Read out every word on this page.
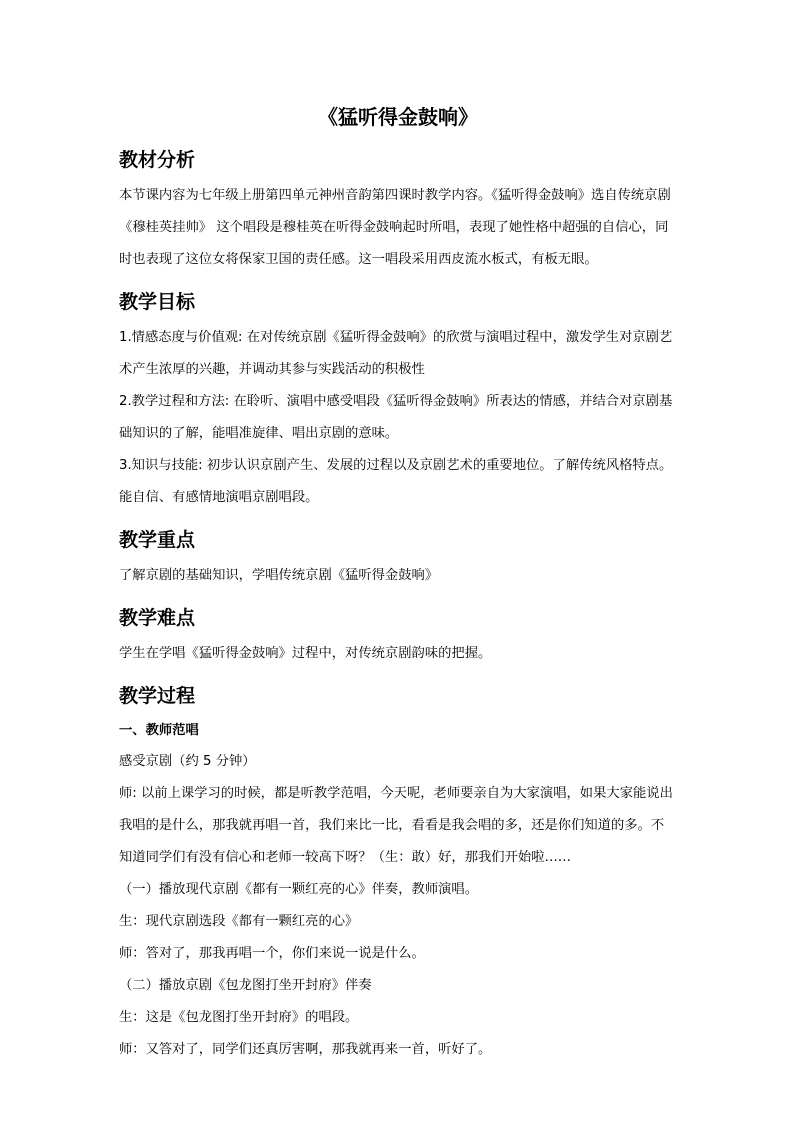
《猛听得金鼓响》
教材分析

本节课内容为七年级上册第四单元神州音韵第四课时教学内容。《猛听得金鼓响》选自传统京剧《穆桂英挂帅》 这个唱段是穆桂英在听得金鼓响起时所唱，表现了她性格中超强的自信心，同时也表现了这位女将保家卫国的责任感。这一唱段采用西皮流水板式，有板无眼。

教学目标

1.情感态度与价值观: 在对传统京剧《猛听得金鼓响》的欣赏与演唱过程中，激发学生对京剧艺术产生浓厚的兴趣，并调动其参与实践活动的积极性

2.教学过程和方法: 在聆听、演唱中感受唱段《猛听得金鼓响》所表达的情感，并结合对京剧基础知识的了解，能唱准旋律、唱出京剧的意味。

3.知识与技能: 初步认识京剧产生、发展的过程以及京剧艺术的重要地位。了解传统风格特点。能自信、有感情地演唱京剧唱段。

教学重点

了解京剧的基础知识，学唱传统京剧《猛听得金鼓响》

教学难点

学生在学唱《猛听得金鼓响》过程中，对传统京剧韵味的把握。

教学过程

一、教师范唱

感受京剧（约 5 分钟）

师: 以前上课学习的时候，都是听教学范唱，今天呢，老师要亲自为大家演唱，如果大家能说出我唱的是什么，那我就再唱一首，我们来比一比，看看是我会唱的多，还是你们知道的多。不知道同学们有没有信心和老师一较高下呀？（生：敢）好，那我们开始啦……

（一）播放现代京剧《都有一颗红亮的心》伴奏，教师演唱。

生：现代京剧选段《都有一颗红亮的心》

师：答对了，那我再唱一个，你们来说一说是什么。

（二）播放京剧《包龙图打坐开封府》伴奏

生：这是《包龙图打坐开封府》的唱段。

师：又答对了，同学们还真厉害啊，那我就再来一首，听好了。
